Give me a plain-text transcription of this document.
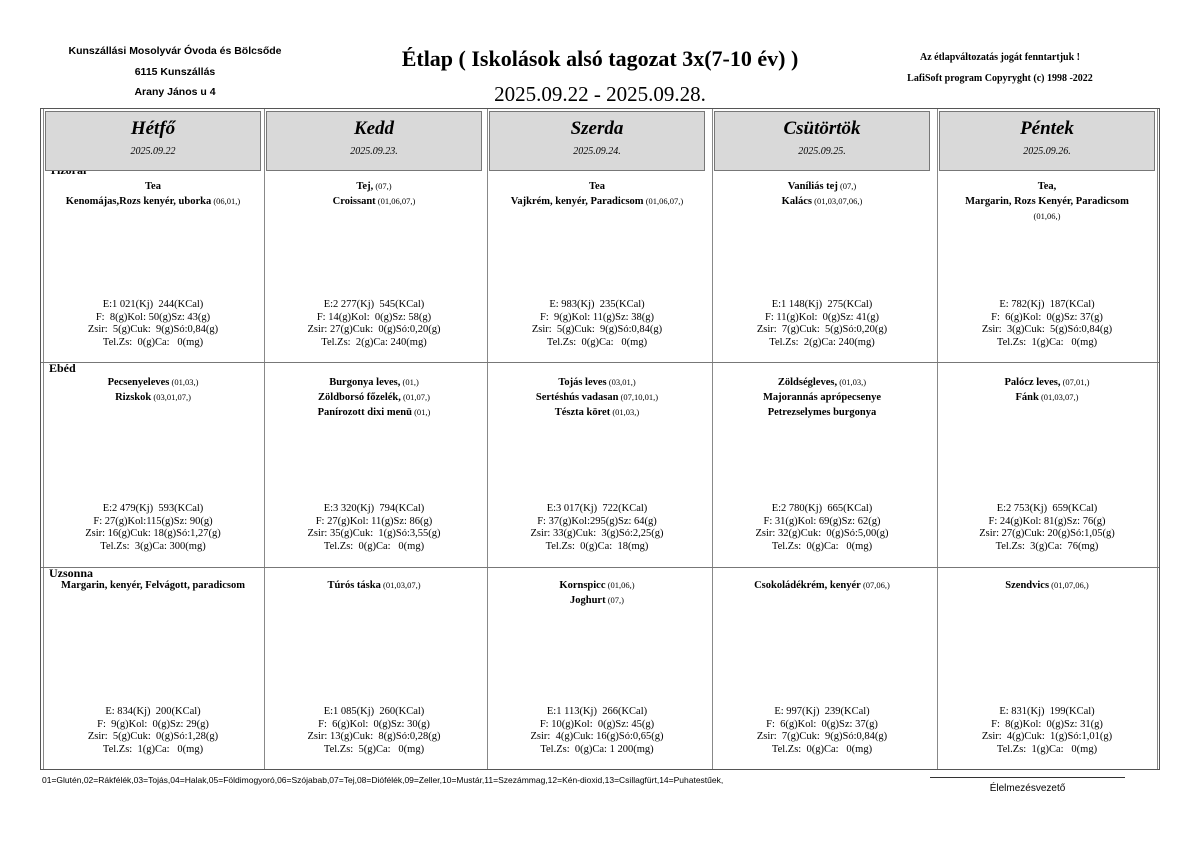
Kunszállási Mosolyvár Óvoda és Bölcsőde
6115 Kunszállás
Arany János u 4
Étlap ( Iskolások alsó tagozat 3x(7-10 év) )
2025.09.22 - 2025.09.28.
Az étlapváltozatás jogát fenntartjuk !
LafiSoft program Copyryght (c) 1998 -2022
Ebéd
Uzsonna
Hétfő
2025.09.22
Tea
Kenomájas,Rozs kenyér, uborka (06,01,)
E:1 021(Kj)  244(KCal)
F:  8(g)Kol: 50(g)Sz: 43(g)
Zsir:  5(g)Cuk:  9(g)Só:0,84(g)
Tel.Zs:  0(g)Ca:   0(mg)
Pecsenyeleves (01,03,)
Rizskok (03,01,07,)
E:2 479(Kj)  593(KCal)
F: 27(g)Kol:115(g)Sz: 90(g)
Zsir: 16(g)Cuk: 18(g)Só:1,27(g)
Tel.Zs:  3(g)Ca: 300(mg)
Margarin, kenyér, Felvágott, paradicsom
E: 834(Kj)  200(KCal)
F:  9(g)Kol:  0(g)Sz: 29(g)
Zsir:  5(g)Cuk:  0(g)Só:1,28(g)
Tel.Zs:  1(g)Ca:   0(mg)
Kedd
2025.09.23.
Tej, (07,)
Croissant (01,06,07,)
E:2 277(Kj)  545(KCal)
F: 14(g)Kol:  0(g)Sz: 58(g)
Zsir: 27(g)Cuk:  0(g)Só:0,20(g)
Tel.Zs:  2(g)Ca: 240(mg)
Burgonya leves, (01,)
Zöldborsó főzelék, (01,07,)
Panírozott dixi menü (01,)
E:3 320(Kj)  794(KCal)
F: 27(g)Kol: 11(g)Sz: 86(g)
Zsir: 35(g)Cuk:  1(g)Só:3,55(g)
Tel.Zs:  0(g)Ca:   0(mg)
Túrós táska (01,03,07,)
E:1 085(Kj)  260(KCal)
F:  6(g)Kol:  0(g)Sz: 30(g)
Zsir: 13(g)Cuk:  8(g)Só:0,28(g)
Tel.Zs:  5(g)Ca:   0(mg)
Szerda
2025.09.24.
Tea
Vajkrém, kenyér, Paradicsom (01,06,07,)
E: 983(Kj)  235(KCal)
F:  9(g)Kol: 11(g)Sz: 38(g)
Zsir:  5(g)Cuk:  9(g)Só:0,84(g)
Tel.Zs:  0(g)Ca:   0(mg)
Tojás leves (03,01,)
Sertéshús vadasan (07,10,01,)
Tészta köret (01,03,)
E:3 017(Kj)  722(KCal)
F: 37(g)Kol:295(g)Sz: 64(g)
Zsir: 33(g)Cuk:  3(g)Só:2,25(g)
Tel.Zs:  0(g)Ca:  18(mg)
Kornspicc (01,06,)
Joghurt (07,)
E:1 113(Kj)  266(KCal)
F: 10(g)Kol:  0(g)Sz: 45(g)
Zsir:  4(g)Cuk: 16(g)Só:0,65(g)
Tel.Zs:  0(g)Ca: 1 200(mg)
Csütörtök
2025.09.25.
Vaníliás tej (07,)
Kalács (01,03,07,06,)
E:1 148(Kj)  275(KCal)
F: 11(g)Kol:  0(g)Sz: 41(g)
Zsir:  7(g)Cuk:  5(g)Só:0,20(g)
Tel.Zs:  2(g)Ca: 240(mg)
Zöldségleves, (01,03,)
Majorannás aprópecsenye
Petrezselymes burgonya
E:2 780(Kj)  665(KCal)
F: 31(g)Kol: 69(g)Sz: 62(g)
Zsir: 32(g)Cuk:  0(g)Só:5,00(g)
Tel.Zs:  0(g)Ca:   0(mg)
Csokoládékrém, kenyér (07,06,)
E: 997(Kj)  239(KCal)
F:  6(g)Kol:  0(g)Sz: 37(g)
Zsir:  7(g)Cuk:  9(g)Só:0,84(g)
Tel.Zs:  0(g)Ca:   0(mg)
Péntek
2025.09.26.
Tea,
Margarin, Rozs Kenyér, Paradicsom
(01,06,)
E: 782(Kj)  187(KCal)
F:  6(g)Kol:  0(g)Sz: 37(g)
Zsir:  3(g)Cuk:  5(g)Só:0,84(g)
Tel.Zs:  1(g)Ca:   0(mg)
Palócz leves, (07,01,)
Fánk (01,03,07,)
E:2 753(Kj)  659(KCal)
F: 24(g)Kol: 81(g)Sz: 76(g)
Zsir: 27(g)Cuk: 20(g)Só:1,05(g)
Tel.Zs:  3(g)Ca:  76(mg)
Szendvics (01,07,06,)
E: 831(Kj)  199(KCal)
F:  8(g)Kol:  0(g)Sz: 31(g)
Zsir:  4(g)Cuk:  1(g)Só:1,01(g)
Tel.Zs:  1(g)Ca:   0(mg)
01=Glutén,02=Rákfélék,03=Tojás,04=Halak,05=Földimogyoró,06=Szójabab,07=Tej,08=Diófélék,09=Zeller,10=Mustár,11=Szezámmag,12=Kén-dioxid,13=Csillagfürt,14=Puhatestűek,
Élelmezésvezető
